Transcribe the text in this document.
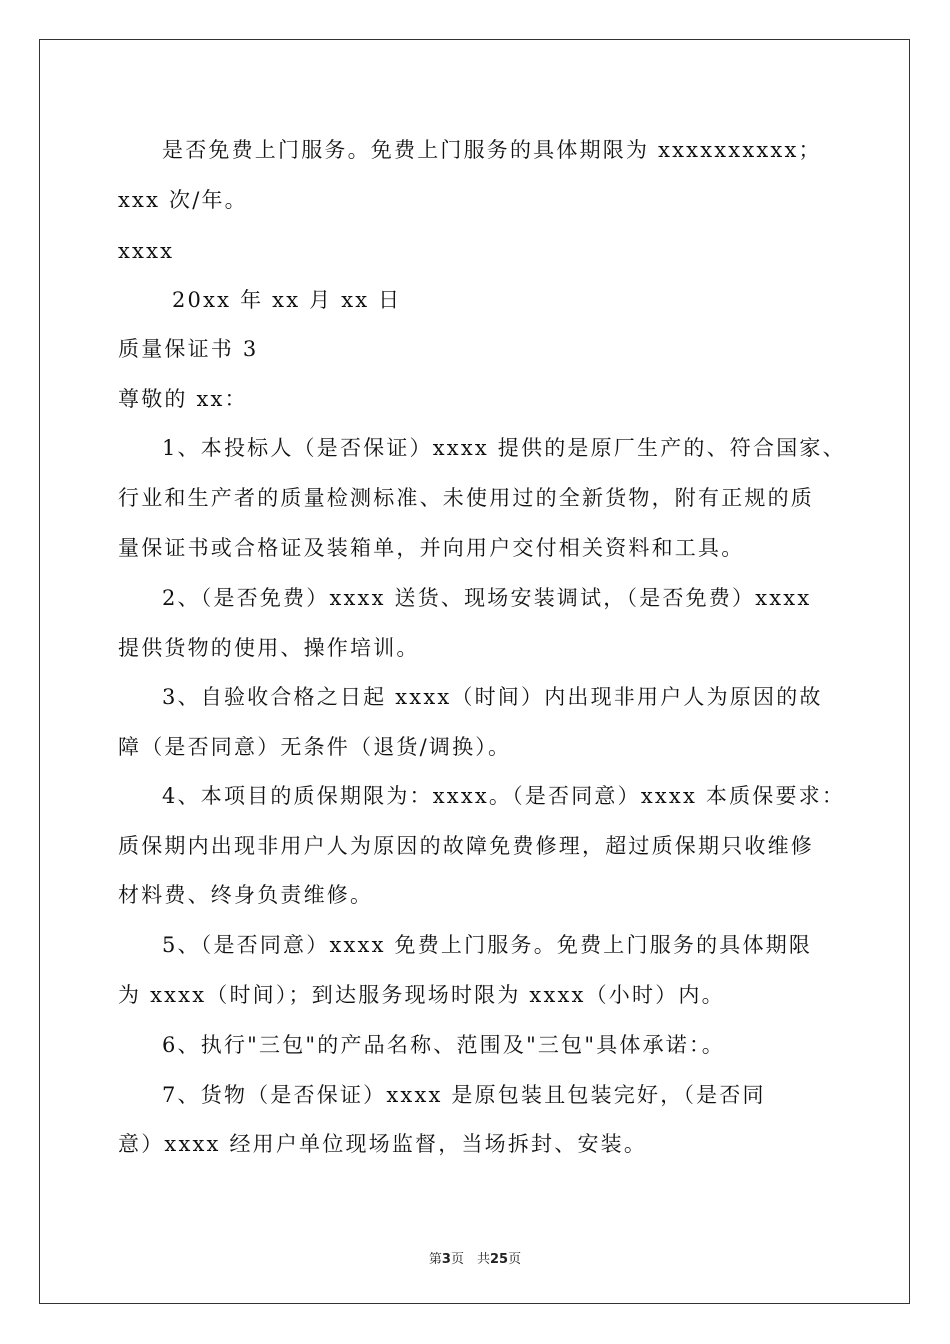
是否免费上门服务。免费上门服务的具体期限为 xxxxxxxxxx；
xxx 次/年。
xxxx
20xx 年 xx 月 xx 日
质量保证书 3
尊敬的 xx：
1、本投标人（是否保证）xxxx 提供的是原厂生产的、符合国家、
行业和生产者的质量检测标准、未使用过的全新货物，附有正规的质
量保证书或合格证及装箱单，并向用户交付相关资料和工具。
2、（是否免费）xxxx 送货、现场安装调试，（是否免费）xxxx
提供货物的使用、操作培训。
3、自验收合格之日起 xxxx（时间）内出现非用户人为原因的故
障（是否同意）无条件（退货/调换）。
4、本项目的质保期限为：xxxx。（是否同意）xxxx 本质保要求：
质保期内出现非用户人为原因的故障免费修理，超过质保期只收维修
材料费、终身负责维修。
5、（是否同意）xxxx 免费上门服务。免费上门服务的具体期限
为 xxxx（时间）；到达服务现场时限为 xxxx（小时）内。
6、执行"三包"的产品名称、范围及"三包"具体承诺：。
7、货物（是否保证）xxxx 是原包装且包装完好，（是否同
意）xxxx 经用户单位现场监督，当场拆封、安装。
第3页　共25页
